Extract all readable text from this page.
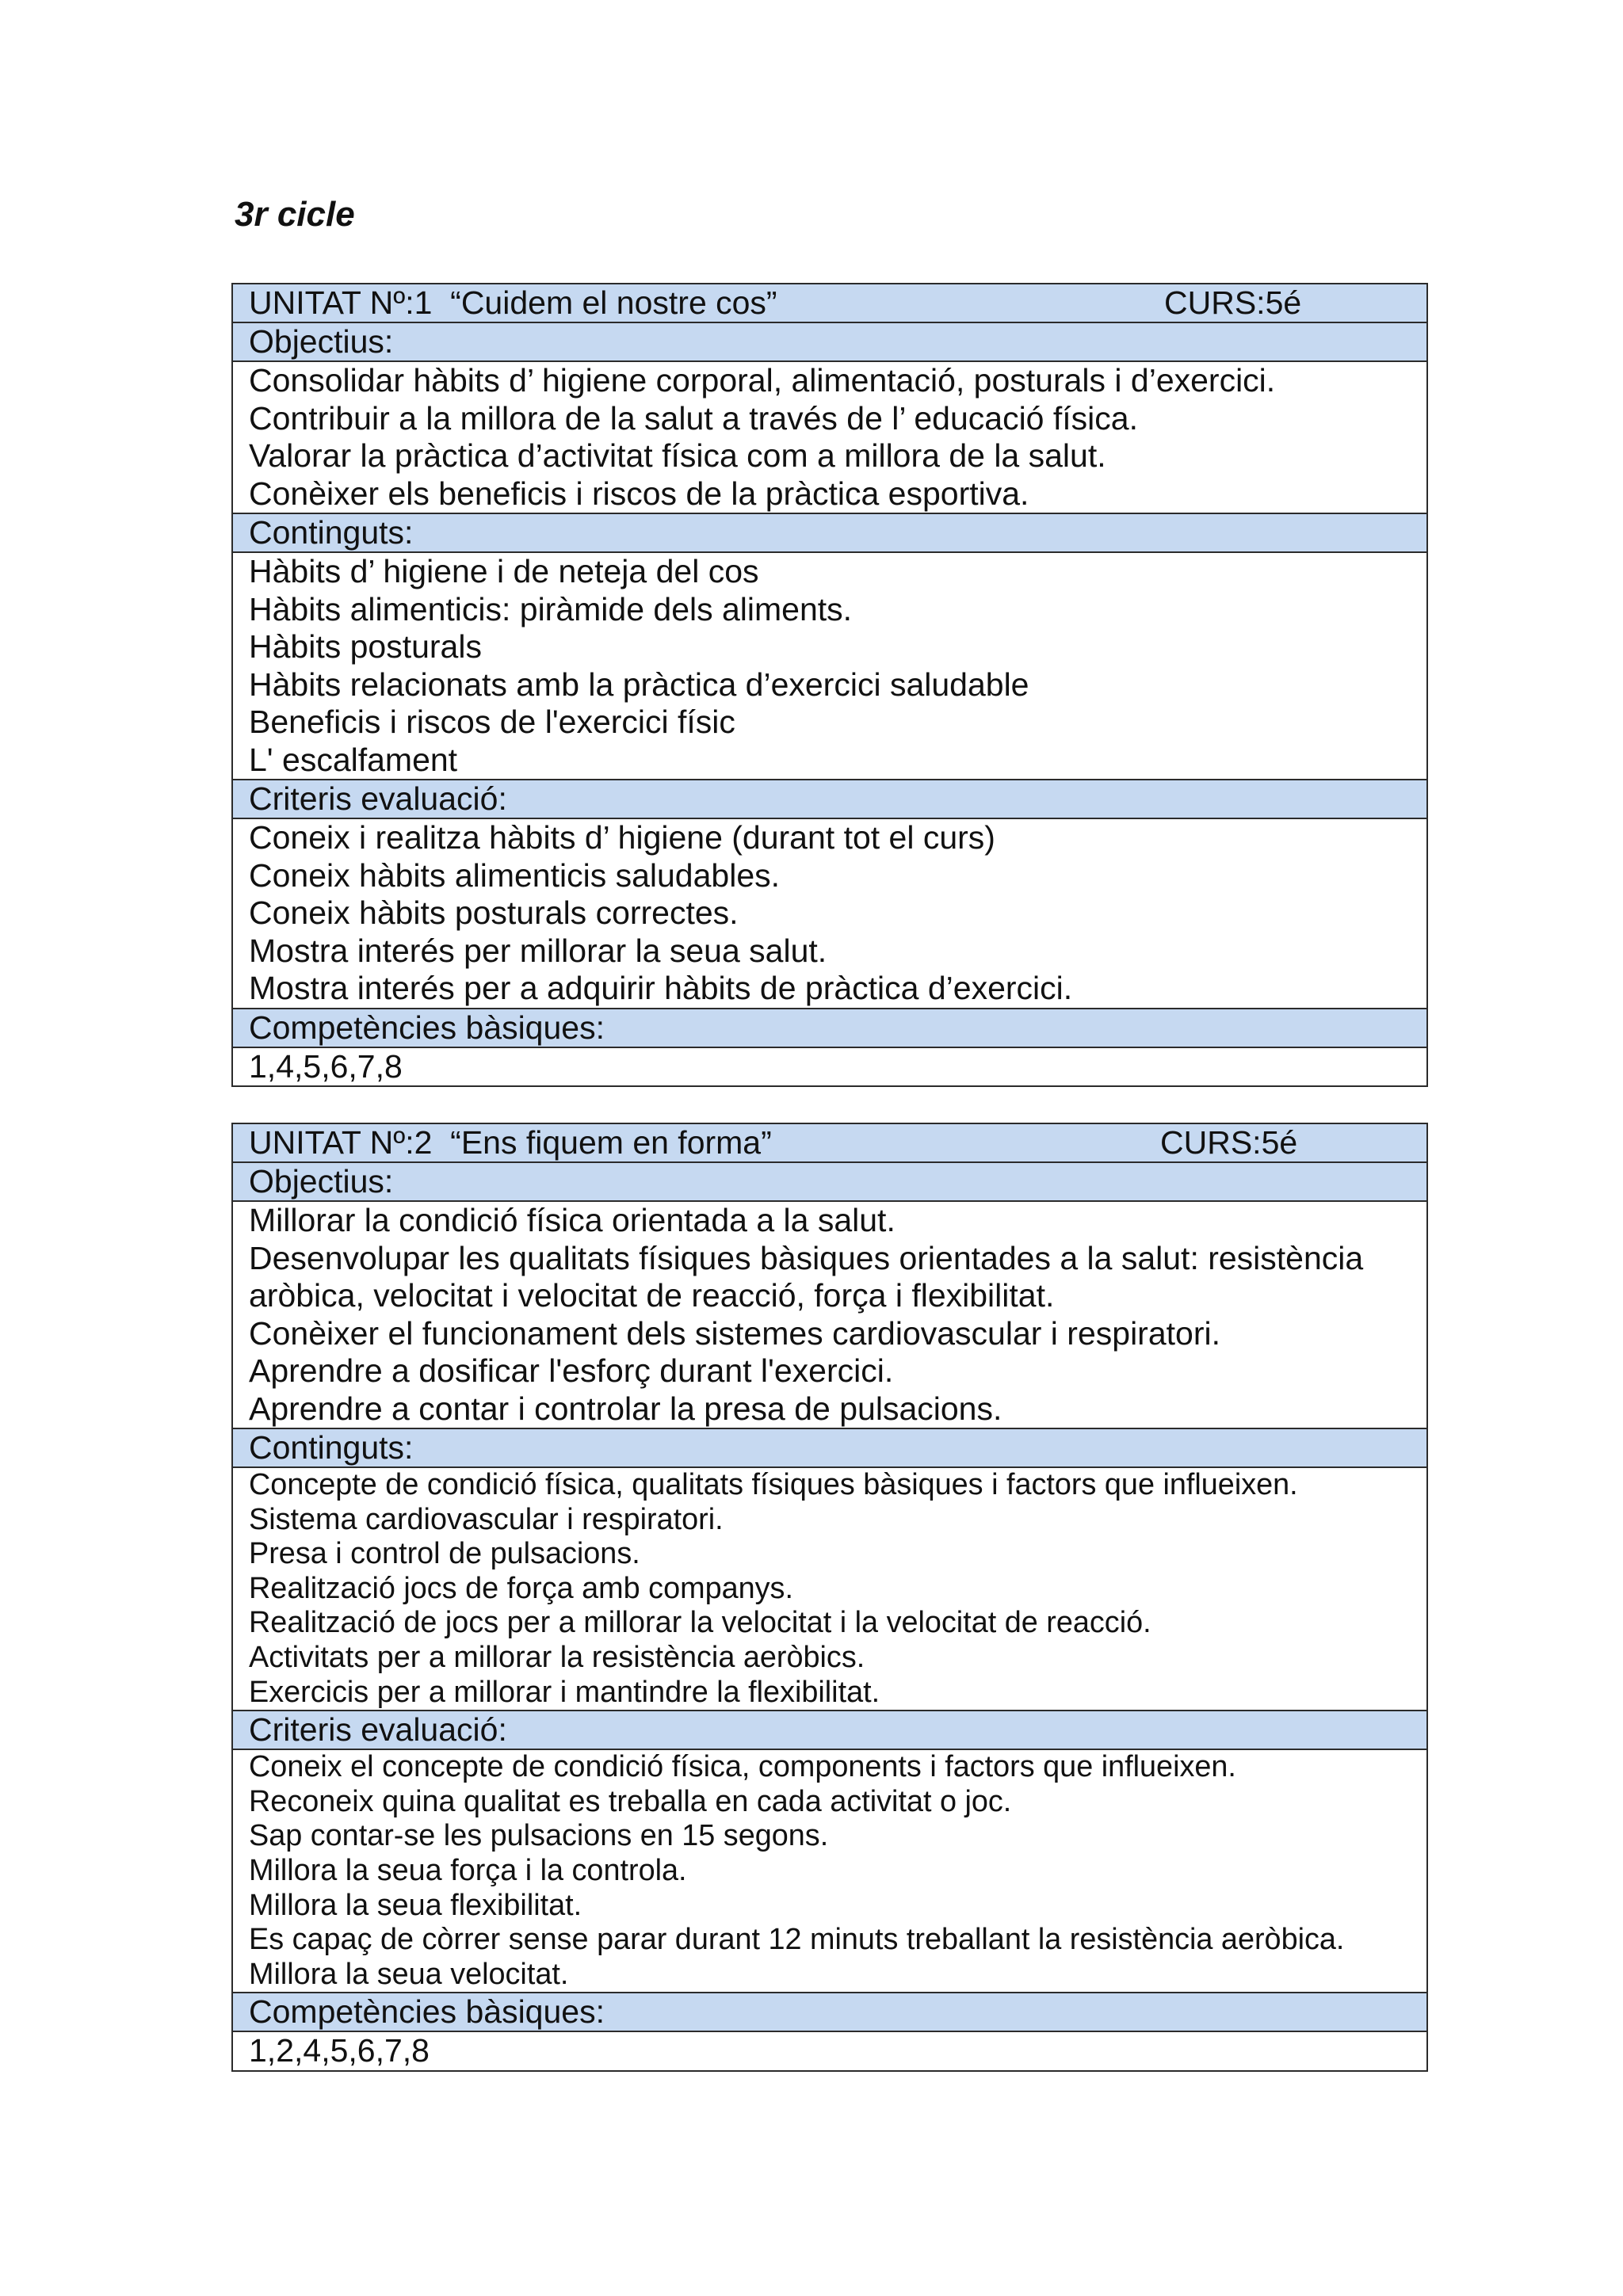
3r cicle
UNITAT Nº:1  “Cuidem el nostre cos”	CURS:5é
Objectius:
Consolidar hàbits d’ higiene corporal, alimentació, posturals i d’exercici.
Contribuir a la millora de la salut a través de l’ educació física.
Valorar la pràctica d’activitat física com a millora de la salut.
Conèixer els beneficis i riscos de la pràctica esportiva.
Continguts:
Hàbits d’ higiene i de neteja del cos
Hàbits alimenticis: piràmide dels aliments.
Hàbits posturals
Hàbits relacionats amb la pràctica d’exercici saludable
Beneficis i riscos de l'exercici físic
L' escalfament
Criteris evaluació:
Coneix i realitza hàbits d’ higiene (durant tot el curs)
Coneix hàbits alimenticis saludables.
Coneix hàbits posturals correctes.
Mostra interés per millorar la seua salut.
Mostra interés per a adquirir hàbits de pràctica d’exercici.
Competències bàsiques:
1,4,5,6,7,8
UNITAT Nº:2  “Ens fiquem en forma”	CURS:5é
Objectius:
Millorar la condició física orientada a la salut.
Desenvolupar les qualitats físiques bàsiques orientades a la salut: resistència aròbica, velocitat i velocitat de reacció, força i flexibilitat.
Conèixer el funcionament dels sistemes cardiovascular i respiratori.
Aprendre a dosificar l'esforç durant l'exercici.
Aprendre a contar i controlar la presa de pulsacions.
Continguts:
Concepte de condició física, qualitats físiques bàsiques i factors que influeixen.
Sistema cardiovascular i respiratori.
Presa i control de pulsacions.
Realització jocs de força amb companys.
Realització de jocs per a millorar la velocitat i la velocitat de reacció.
Activitats per a millorar la resistència aeròbics.
Exercicis per a millorar i mantindre la flexibilitat.
Criteris evaluació:
Coneix el concepte de condició física, components i factors que influeixen.
Reconeix quina qualitat es treballa en cada activitat o joc.
Sap contar-se les pulsacions en 15 segons.
Millora la seua força i la controla.
Millora la seua flexibilitat.
Es capaç de còrrer sense parar durant 12 minuts treballant la resistència aeròbica.
Millora la seua velocitat.
Competències bàsiques:
1,2,4,5,6,7,8
